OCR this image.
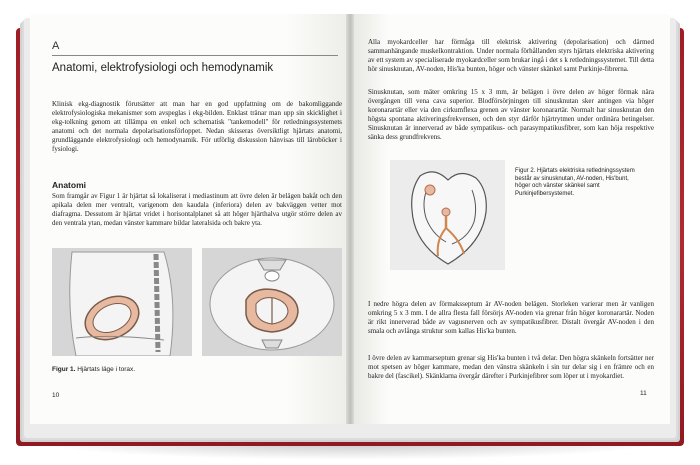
A
Anatomi, elektrofysiologi och hemodynamik
Klinisk ekg-diagnostik förutsätter att man har en god uppfattning om de bakomliggande elektrofysiologiska mekanismer som avspeglas i ekg-bilden. Enklast tränar man upp sin skicklighet i ekg-tolkning genom att tillämpa en enkel och schematisk "tankemodell" för retledningssystemets anatomi och det normala depolarisationsförloppet. Nedan skisseras översiktligt hjärtats anatomi, grundläggande elektrofysiologi och hemodynamik. För utförlig diskussion hänvisas till läroböcker i fysiologi.
Anatomi
Som framgår av Figur 1 är hjärtat så lokaliserat i mediastinum att övre delen är belägen bakåt och den apikala delen mer ventralt, varigenom den kaudala (inferiora) delen av bakväggen vetter mot diafragma. Dessutom är hjärtat vridet i horisontalplanet så att höger hjärthalva utgör större delen av den ventrala ytan, medan vänster kammare bildar lateralsida och bakre yta.
Figur 1. Hjärtats läge i torax.
10
Alla myokardceller har förmåga till elektrisk aktivering (depolarisation) och därmed sammanhängande muskelkontraktion. Under normala förhållanden styrs hjärtats elektriska aktivering av ett system av specialiserade myokardceller som brukar ingå i det s k retledningssystemet. Till detta hör sinusknutan, AV-noden, His'ka bunten, höger och vänster skänkel samt Purkinje-fibrerna.
Sinusknutan, som mäter omkring 15 x 3 mm, är belägen i övre delen av höger förmak nära övergången till vena cava superior. Blodförsörjningen till sinusknutan sker antingen via höger koronarartär eller via den cirkumflexa grenen av vänster koronarartär. Normalt har sinusknutan den högsta spontana aktiveringsfrekvensen, och den styr därför hjärtrytmen under ordinära betingelser. Sinusknutan är innerverad av både sympatikus- och parasympatikusfibrer, som kan höja respektive sänka dess grundfrekvens.
Figur 2. Hjärtats elektriska retledningssystem består av sinusknutan, AV-noden, His'bunt, höger och vänster skänkel samt Purkinjefibersystemet.
I nedre högra delen av förmaksseptum är AV-noden belägen. Storleken varierar men är vanligen omkring 5 x 3 mm. I de allra flesta fall försörjs AV-noden via grenar från höger koronarartär. Noden är rikt innerverad både av vagusnerven och av sympatikusfibrer. Distalt övergår AV-noden i den smala och avlånga struktur som kallas His'ka bunten.
I övre delen av kammarseptum grenar sig His'ka bunten i två delar. Den högra skänkeln fortsätter ner mot spetsen av höger kammare, medan den vänstra skänkeln i sin tur delar sig i en främre och en bakre del (fascikel). Skänklarna övergår därefter i Purkinjefibrer som löper ut i myokardiet.
11
